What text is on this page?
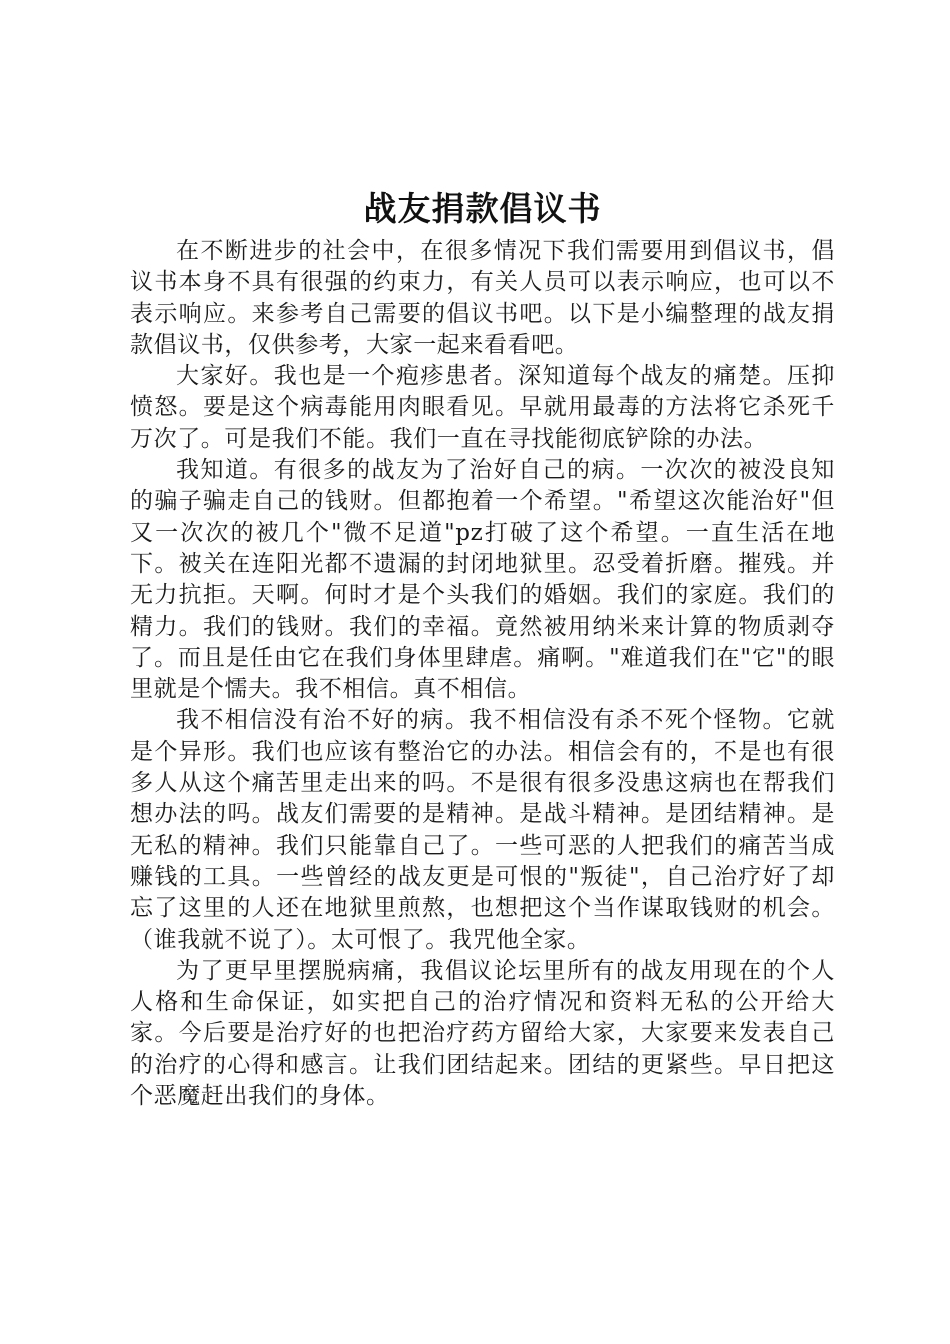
战友捐款倡议书

在不断进步的社会中，在很多情况下我们需要用到倡议书，倡议书本身不具有很强的约束力，有关人员可以表示响应，也可以不表示响应。来参考自己需要的倡议书吧。以下是小编整理的战友捐款倡议书，仅供参考，大家一起来看看吧。

大家好。我也是一个疱疹患者。深知道每个战友的痛楚。压抑愤怒。要是这个病毒能用肉眼看见。早就用最毒的方法将它杀死千万次了。可是我们不能。我们一直在寻找能彻底铲除的办法。

我知道。有很多的战友为了治好自己的病。一次次的被没良知的骗子骗走自己的钱财。但都抱着一个希望。"希望这次能治好"但又一次次的被几个"微不足道"pz打破了这个希望。一直生活在地下。被关在连阳光都不遗漏的封闭地狱里。忍受着折磨。摧残。并无力抗拒。天啊。何时才是个头我们的婚姻。我们的家庭。我们的精力。我们的钱财。我们的幸福。竟然被用纳米来计算的物质剥夺了。而且是任由它在我们身体里肆虐。痛啊。"难道我们在"它"的眼里就是个懦夫。我不相信。真不相信。

我不相信没有治不好的病。我不相信没有杀不死个怪物。它就是个异形。我们也应该有整治它的办法。相信会有的，不是也有很多人从这个痛苦里走出来的吗。不是很有很多没患这病也在帮我们想办法的吗。战友们需要的是精神。是战斗精神。是团结精神。是无私的精神。我们只能靠自己了。一些可恶的人把我们的痛苦当成赚钱的工具。一些曾经的战友更是可恨的"叛徒"，自己治疗好了却忘了这里的人还在地狱里煎熬，也想把这个当作谋取钱财的机会。（谁我就不说了）。太可恨了。我咒他全家。

为了更早里摆脱病痛，我倡议论坛里所有的战友用现在的个人人格和生命保证，如实把自己的治疗情况和资料无私的公开给大家。今后要是治疗好的也把治疗药方留给大家，大家要来发表自己的治疗的心得和感言。让我们团结起来。团结的更紧些。早日把这个恶魔赶出我们的身体。
